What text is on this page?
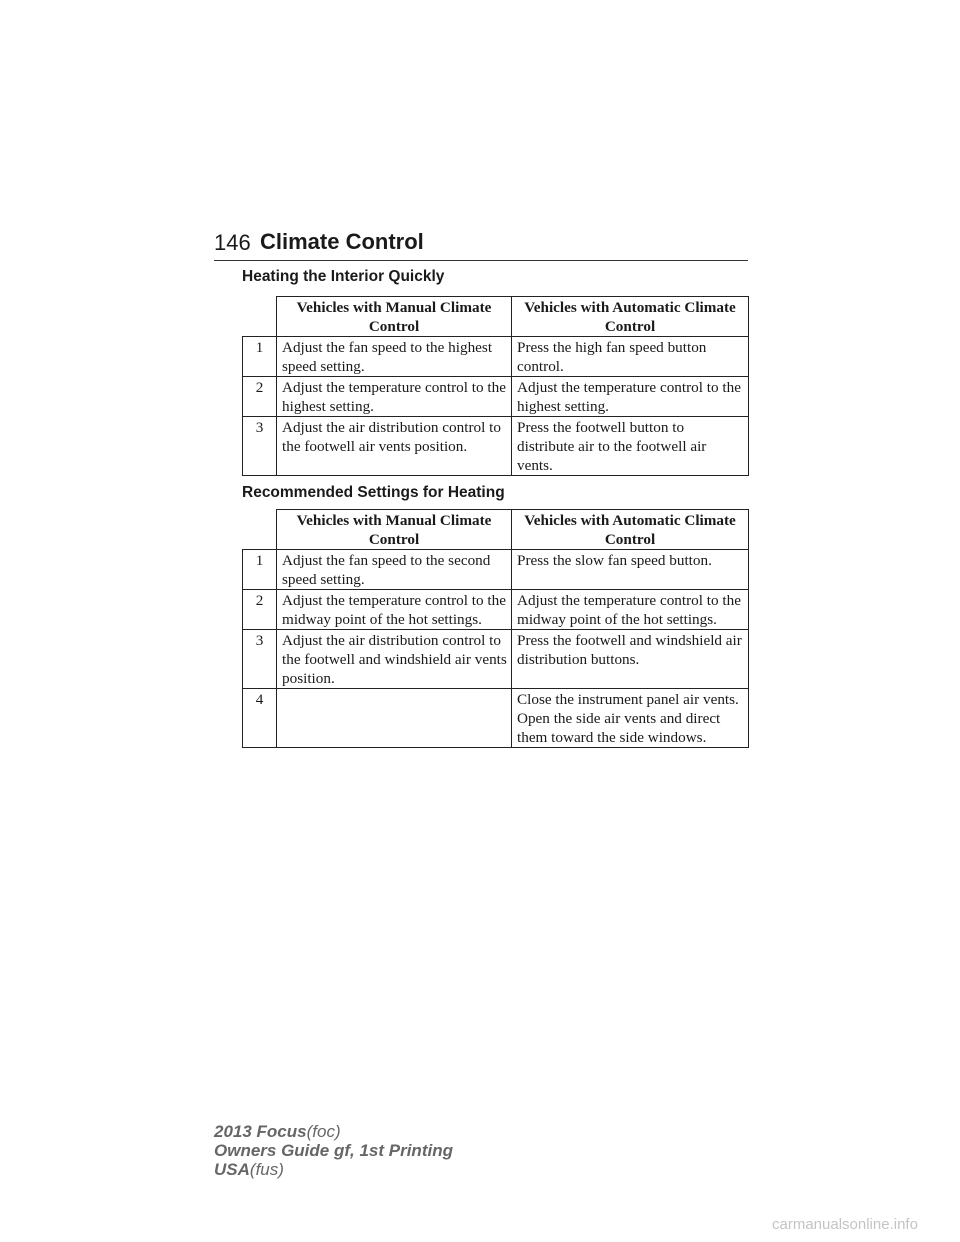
146 Climate Control
Heating the Interior Quickly
	Vehicles with Manual Climate Control	Vehicles with Automatic Climate Control
1	Adjust the fan speed to the highest speed setting.	Press the high fan speed button control.
2	Adjust the temperature control to the highest setting.	Adjust the temperature control to the highest setting.
3	Adjust the air distribution control to the footwell air vents position.	Press the footwell button to distribute air to the footwell air vents.
Recommended Settings for Heating
	Vehicles with Manual Climate Control	Vehicles with Automatic Climate Control
1	Adjust the fan speed to the second speed setting.	Press the slow fan speed button.
2	Adjust the temperature control to the midway point of the hot settings.	Adjust the temperature control to the midway point of the hot settings.
3	Adjust the air distribution control to the footwell and windshield air vents position.	Press the footwell and windshield air distribution buttons.
4		Close the instrument panel air vents. Open the side air vents and direct them toward the side windows.
2013 Focus(foc)
Owners Guide gf, 1st Printing
USA(fus)
carmanualsonline.info
